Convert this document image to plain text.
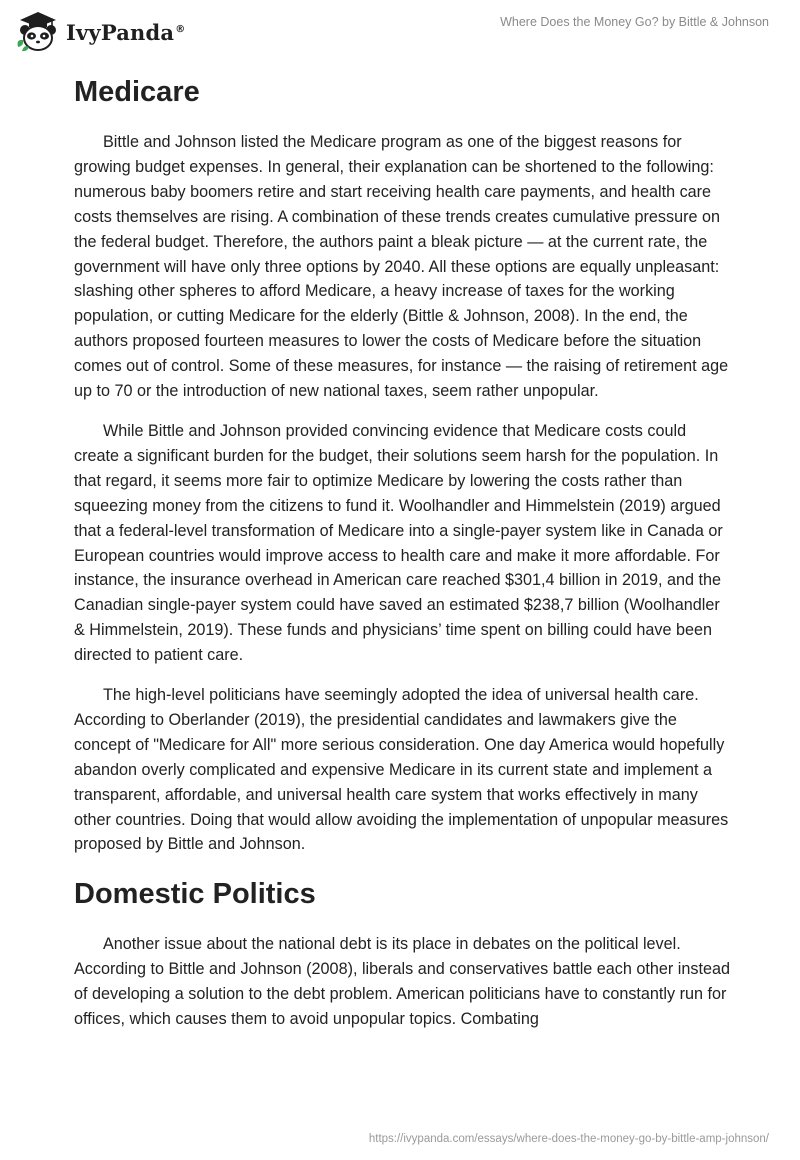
IvyPanda®	Where Does the Money Go? by Bittle & Johnson
Medicare

Bittle and Johnson listed the Medicare program as one of the biggest reasons for growing budget expenses. In general, their explanation can be shortened to the following: numerous baby boomers retire and start receiving health care payments, and health care costs themselves are rising. A combination of these trends creates cumulative pressure on the federal budget. Therefore, the authors paint a bleak picture — at the current rate, the government will have only three options by 2040. All these options are equally unpleasant: slashing other spheres to afford Medicare, a heavy increase of taxes for the working population, or cutting Medicare for the elderly (Bittle & Johnson, 2008). In the end, the authors proposed fourteen measures to lower the costs of Medicare before the situation comes out of control. Some of these measures, for instance — the raising of retirement age up to 70 or the introduction of new national taxes, seem rather unpopular.

While Bittle and Johnson provided convincing evidence that Medicare costs could create a significant burden for the budget, their solutions seem harsh for the population. In that regard, it seems more fair to optimize Medicare by lowering the costs rather than squeezing money from the citizens to fund it. Woolhandler and Himmelstein (2019) argued that a federal-level transformation of Medicare into a single-payer system like in Canada or European countries would improve access to health care and make it more affordable. For instance, the insurance overhead in American care reached $301,4 billion in 2019, and the Canadian single-payer system could have saved an estimated $238,7 billion (Woolhandler & Himmelstein, 2019). These funds and physicians’ time spent on billing could have been directed to patient care.

The high-level politicians have seemingly adopted the idea of universal health care. According to Oberlander (2019), the presidential candidates and lawmakers give the concept of "Medicare for All" more serious consideration. One day America would hopefully abandon overly complicated and expensive Medicare in its current state and implement a transparent, affordable, and universal health care system that works effectively in many other countries. Doing that would allow avoiding the implementation of unpopular measures proposed by Bittle and Johnson.

Domestic Politics

Another issue about the national debt is its place in debates on the political level. According to Bittle and Johnson (2008), liberals and conservatives battle each other instead of developing a solution to the debt problem. American politicians have to constantly run for offices, which causes them to avoid unpopular topics. Combating

https://ivypanda.com/essays/where-does-the-money-go-by-bittle-amp-johnson/
